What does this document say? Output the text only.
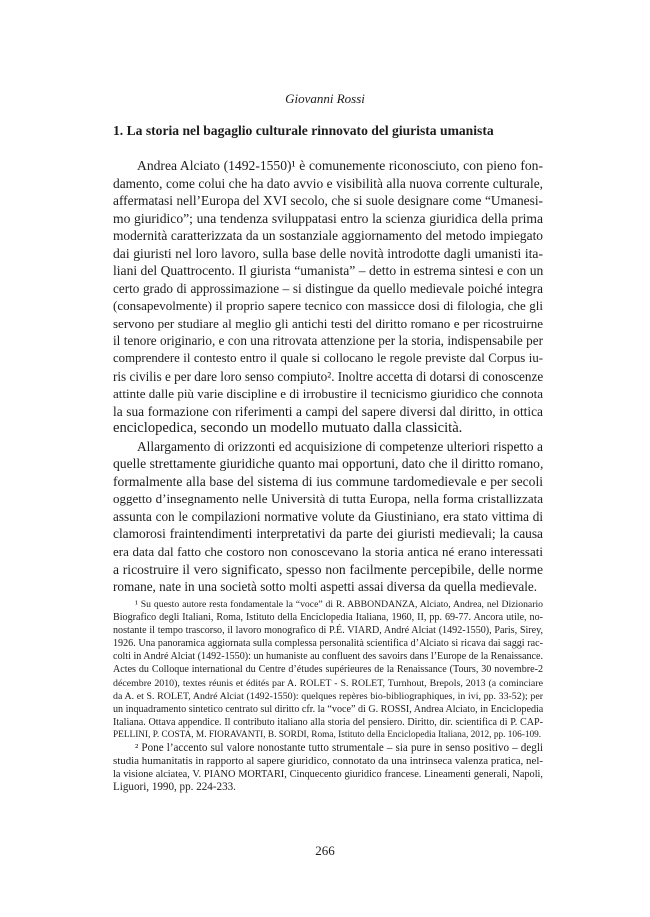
Giovanni Rossi
1. La storia nel bagaglio culturale rinnovato del giurista umanista
Andrea Alciato (1492-1550)¹ è comunemente riconosciuto, con pieno fon-
damento, come colui che ha dato avvio e visibilità alla nuova corrente culturale,
affermatasi nell’Europa del XVI secolo, che si suole designare come “Umanesi-
mo giuridico”; una tendenza sviluppatasi entro la scienza giuridica della prima
modernità caratterizzata da un sostanziale aggiornamento del metodo impiegato
dai giuristi nel loro lavoro, sulla base delle novità introdotte dagli umanisti ita-
liani del Quattrocento. Il giurista “umanista” – detto in estrema sintesi e con un
certo grado di approssimazione – si distingue da quello medievale poiché integra
(consapevolmente) il proprio sapere tecnico con massicce dosi di filologia, che gli
servono per studiare al meglio gli antichi testi del diritto romano e per ricostruirne
il tenore originario, e con una ritrovata attenzione per la storia, indispensabile per
comprendere il contesto entro il quale si collocano le regole previste dal Corpus iu-
ris civilis e per dare loro senso compiuto². Inoltre accetta di dotarsi di conoscenze
attinte dalle più varie discipline e di irrobustire il tecnicismo giuridico che connota
la sua formazione con riferimenti a campi del sapere diversi dal diritto, in ottica
enciclopedica, secondo un modello mutuato dalla classicità.
Allargamento di orizzonti ed acquisizione di competenze ulteriori rispetto a
quelle strettamente giuridiche quanto mai opportuni, dato che il diritto romano,
formalmente alla base del sistema di ius commune tardomedievale e per secoli
oggetto d’insegnamento nelle Università di tutta Europa, nella forma cristallizzata
assunta con le compilazioni normative volute da Giustiniano, era stato vittima di
clamorosi fraintendimenti interpretativi da parte dei giuristi medievali; la causa
era data dal fatto che costoro non conoscevano la storia antica né erano interessati
a ricostruire il vero significato, spesso non facilmente percepibile, delle norme
romane, nate in una società sotto molti aspetti assai diversa da quella medievale.
¹ Su questo autore resta fondamentale la “voce” di R. ABBONDANZA, Alciato, Andrea, nel Dizionario
Biografico degli Italiani, Roma, Istituto della Enciclopedia Italiana, 1960, II, pp. 69-77. Ancora utile, no-
nostante il tempo trascorso, il lavoro monografico di P.É. VIARD, André Alciat (1492-1550), Paris, Sirey,
1926. Una panoramica aggiornata sulla complessa personalità scientifica d’Alciato si ricava dai saggi rac-
colti in André Alciat (1492-1550): un humaniste au confluent des savoirs dans l’Europe de la Renaissance.
Actes du Colloque international du Centre d’études supérieures de la Renaissance (Tours, 30 novembre-2
décembre 2010), textes réunis et édités par A. ROLET - S. ROLET, Turnhout, Brepols, 2013 (a cominciare
da A. et S. ROLET, André Alciat (1492-1550): quelques repères bio-bibliographiques, in ivi, pp. 33-52); per
un inquadramento sintetico centrato sul diritto cfr. la “voce” di G. ROSSI, Andrea Alciato, in Enciclopedia
Italiana. Ottava appendice. Il contributo italiano alla storia del pensiero. Diritto, dir. scientifica di P. CAP-
PELLINI, P. COSTA, M. FIORAVANTI, B. SORDI, Roma, Istituto della Enciclopedia Italiana, 2012, pp. 106-109.
² Pone l’accento sul valore nonostante tutto strumentale – sia pure in senso positivo – degli
studia humanitatis in rapporto al sapere giuridico, connotato da una intrinseca valenza pratica, nel-
la visione alciatea, V. PIANO MORTARI, Cinquecento giuridico francese. Lineamenti generali, Napoli,
Liguori, 1990, pp. 224-233.
266
